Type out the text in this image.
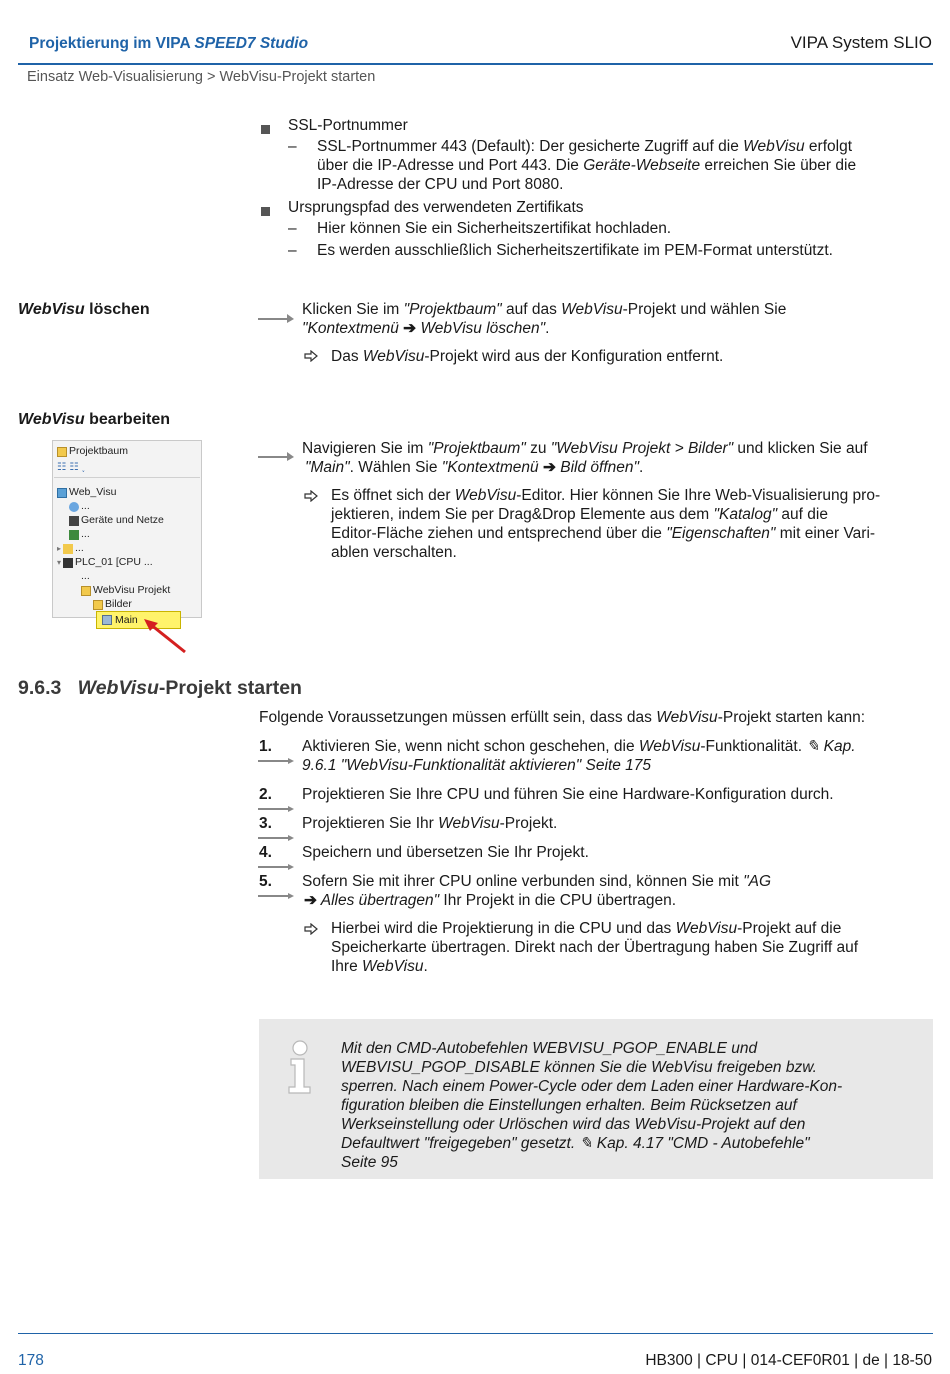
Projektierung im VIPA SPEED7 Studio	VIPA System SLIO
Einsatz Web-Visualisierung > WebVisu-Projekt starten
SSL-Portnummer
– SSL-Portnummer 443 (Default): Der gesicherte Zugriff auf die WebVisu erfolgt
über die IP-Adresse und Port 443. Die Geräte-Webseite erreichen Sie über die
IP-Adresse der CPU und Port 8080.
Ursprungspfad des verwendeten Zertifikats
– Hier können Sie ein Sicherheitszertifikat hochladen.
– Es werden ausschließlich Sicherheitszertifikate im PEM-Format unterstützt.
WebVisu löschen	Klicken Sie im "Projektbaum" auf das WebVisu-Projekt und wählen Sie
"Kontextmenü ➔ WebVisu löschen".
Das WebVisu-Projekt wird aus der Konfiguration entfernt.
WebVisu bearbeiten
Projektbaum
☷ ☷ ˯
Web_Visu
...
Geräte und Netze
...
▸ ...
▾ PLC_01 [CPU ...
...
WebVisu Projekt
Bilder
Main
Navigieren Sie im "Projektbaum" zu "WebVisu Projekt > Bilder" und klicken Sie auf
"Main". Wählen Sie "Kontextmenü ➔ Bild öffnen".
Es öffnet sich der WebVisu-Editor. Hier können Sie Ihre Web-Visualisierung pro-
jektieren, indem Sie per Drag&Drop Elemente aus dem "Katalog" auf die
Editor-Fläche ziehen und entsprechend über die "Eigenschaften" mit einer Vari-
ablen verschalten.
9.6.3 WebVisu-Projekt starten
Folgende Voraussetzungen müssen erfüllt sein, dass das WebVisu-Projekt starten kann:
1. Aktivieren Sie, wenn nicht schon geschehen, die WebVisu-Funktionalität. ✎ Kap.
9.6.1 "WebVisu-Funktionalität aktivieren" Seite 175
2. Projektieren Sie Ihre CPU und führen Sie eine Hardware-Konfiguration durch.
3. Projektieren Sie Ihr WebVisu-Projekt.
4. Speichern und übersetzen Sie Ihr Projekt.
5. Sofern Sie mit ihrer CPU online verbunden sind, können Sie mit "AG
➔ Alles übertragen" Ihr Projekt in die CPU übertragen.
Hierbei wird die Projektierung in die CPU und das WebVisu-Projekt auf die
Speicherkarte übertragen. Direkt nach der Übertragung haben Sie Zugriff auf
Ihre WebVisu.
Mit den CMD-Autobefehlen WEBVISU_PGOP_ENABLE und
WEBVISU_PGOP_DISABLE können Sie die WebVisu freigeben bzw.
sperren. Nach einem Power-Cycle oder dem Laden einer Hardware-Kon-
figuration bleiben die Einstellungen erhalten. Beim Rücksetzen auf
Werkseinstellung oder Urlöschen wird das WebVisu-Projekt auf den
Defaultwert "freigegeben" gesetzt. ✎ Kap. 4.17 "CMD - Autobefehle"
Seite 95
178	HB300 | CPU | 014-CEF0R01 | de | 18-50
